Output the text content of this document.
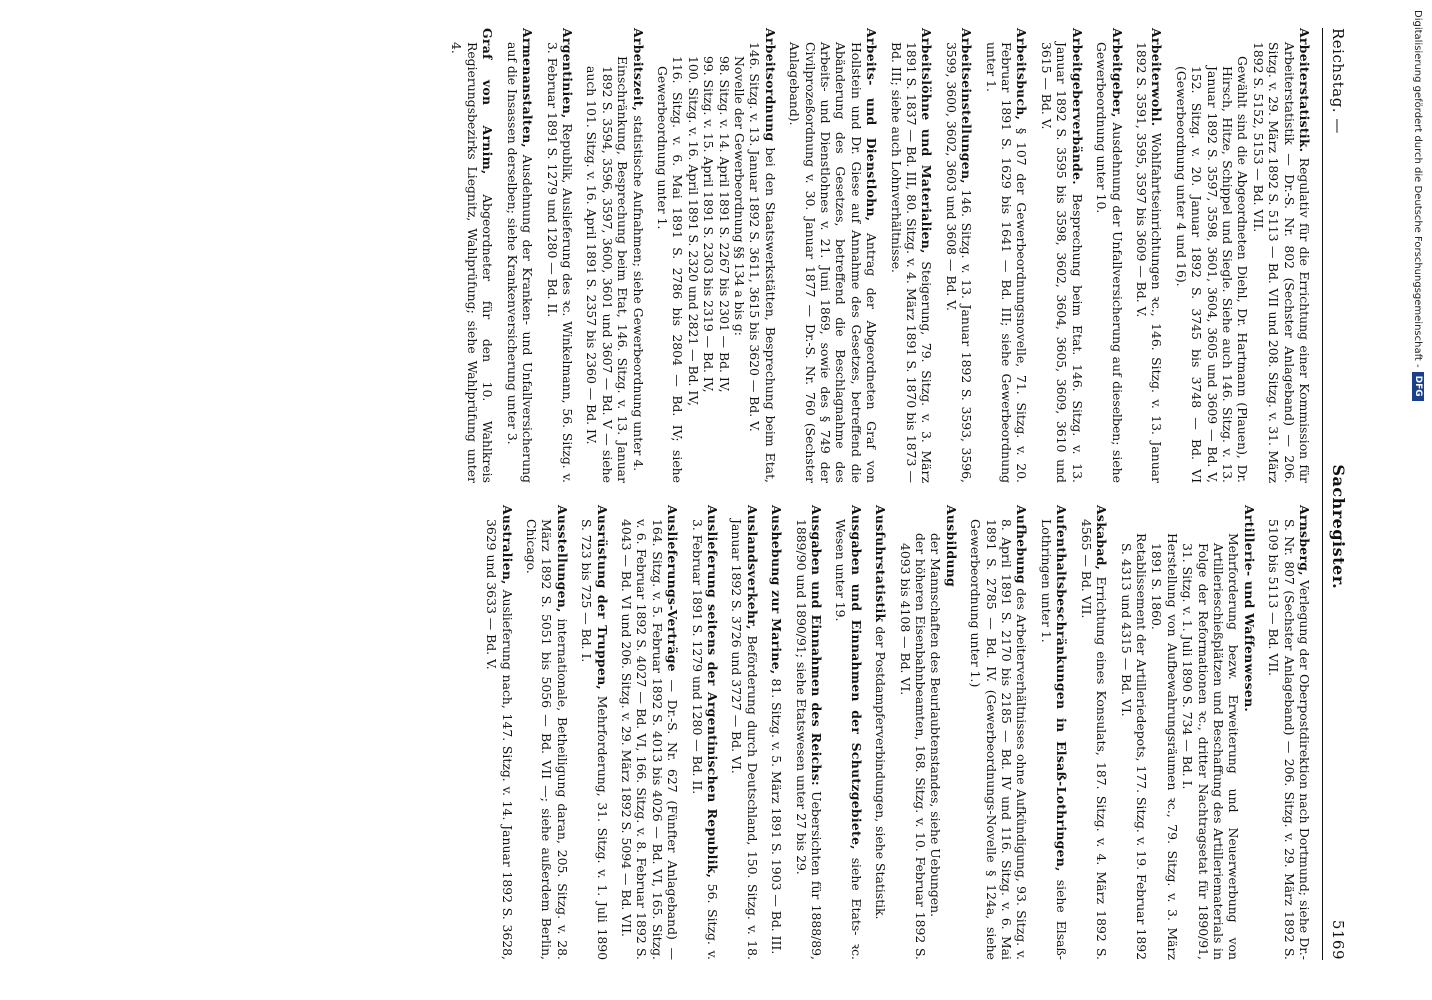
Reichstag. —
Sachregister.
5169
Arbeiterstatistik. Regulativ für die Errichtung einer Kommission für Arbeiterstatistik — Dr.-S. Nr. 802 (Sechster Anlageband) — 206. Sitzg. v. 29. März 1892 S. 5113 — Bd. VII und 208. Sitzg. v. 31. März 1892 S. 5152, 5153 — Bd. VII.
Gewählt sind die Abgeordneten Diehl, Dr. Hartmann (Plauen), Dr. Hirsch, Hitze, Schippel und Siegle. Siehe auch 146. Sitzg. v. 13. Januar 1892 S. 3597, 3598, 3601, 3604, 3605 und 3609 — Bd. V, 152. Sitzg. v. 20. Januar 1892 S. 3745 bis 3748 — Bd. VI (Gewerbeordnung unter 4 und 16).
Arbeiterwohl. Wohlfahrtseinrichtungen ꝛc., 146. Sitzg. v. 13. Januar 1892 S. 3591, 3595, 3597 bis 3609 — Bd. V.
Arbeitgeber, Ausdehnung der Unfallversicherung auf dieselben; siehe Gewerbeordnung unter 10.
Arbeitgeberverbände. Besprechung beim Etat. 146. Sitzg. v. 13. Januar 1892 S. 3595 bis 3598, 3602, 3604, 3605, 3609, 3610 und 3615 — Bd. V.
Arbeitsbuch, § 107 der Gewerbeordnungsnovelle, 71. Sitzg. v. 20. Februar 1891 S. 1629 bis 1641 — Bd. III; siehe Gewerbeordnung unter 1.
Arbeitseinstellungen, 146. Sitzg. v. 13. Januar 1892 S. 3593, 3596, 3599, 3600, 3602, 3603 und 3608 — Bd. V.
Arbeitslöhne und Materialien, Steigerung, 79. Sitzg. v. 3. März 1891 S. 1837 — Bd. III, 80. Sitzg. v. 4. März 1891 S. 1870 bis 1873 — Bd. III; siehe auch Lohnverhältnisse.
Arbeits- und Dienstlohn, Antrag der Abgeordneten Graf von Hollstein und Dr. Giese auf Annahme des Gesetzes, betreffend die Abänderung des Gesetzes, betreffend die Beschlagnahme des Arbeits- und Dienstlohnes v. 21. Juni 1869, sowie des § 749 der Civilprozeßordnung v. 30. Januar 1877 — Dr.-S. Nr. 760 (Sechster Anlageband).
Arbeitsordnung bei den Staatswerkstätten, Besprechung beim Etat, 146. Sitzg. v. 13. Januar 1892 S. 3611, 3615 bis 3620 — Bd. V.
Novelle der Gewerbeordnung §§ 134 a bis g:
98. Sitzg. v. 14. April 1891 S. 2267 bis 2301 — Bd. IV,
99. Sitzg. v. 15. April 1891 S. 2303 bis 2319 — Bd. IV,
100. Sitzg. v. 16. April 1891 S. 2320 und 2821 — Bd. IV,
116. Sitzg. v. 6. Mai 1891 S. 2786 bis 2804 — Bd. IV; siehe Gewerbeordnung unter 1.
Arbeitszeit, statistische Aufnahmen; siehe Gewerbeordnung unter 4.
Einschränkung, Besprechung beim Etat, 146. Sitzg. v. 13. Januar 1892 S. 3594, 3596, 3597, 3600, 3601 und 3607 — Bd. V — siehe auch 101. Sitzg. v. 16. April 1891 S. 2357 bis 2360 — Bd. IV.
Argentinien, Republik, Auslieferung des ꝛc. Winkelmann, 56. Sitzg. v. 3. Februar 1891 S. 1279 und 1280 — Bd. II.
Armenanstalten, Ausdehnung der Kranken- und Unfallversicherung auf die Insassen derselben; siehe Krankenversicherung unter 3.
Graf von Arnim, Abgeordneter für den 10. Wahlkreis Regierungsbezirks Liegnitz, Wahlprüfung; siehe Wahlprüfung unter 4.
Arnsberg, Verlegung der Oberpostdirektion nach Dortmund; siehe Dr.-S. Nr. 807 (Sechster Anlageband) — 206. Sitzg. v. 29. März 1892 S. 5109 bis 5113 — Bd. VII.
Artillerie- und Waffenwesen.
Mehrforderung bezw. Erweiterung und Neuerwerbung von Artillerieschießplätzen und Beschaffung des Artilleriematerials in Folge der Reformationen ꝛc., dritter Nachtragsetat für 1890/91, 31. Sitzg. v. 1. Juli 1890 S. 734 — Bd. I.
Herstellung von Aufbewahrungsräumen ꝛc., 79. Sitzg. v. 3. März 1891 S. 1860.
Retablissement der Artilleriedepots, 177. Sitzg. v. 19. Februar 1892 S. 4313 und 4315 — Bd. VI.
Askabad, Errichtung eines Konsulats, 187. Sitzg. v. 4. März 1892 S. 4565 — Bd. VII.
Aufenthaltsbeschränkungen in Elsaß-Lothringen, siehe Elsaß-Lothringen unter 1.
Aufhebung des Arbeiterverhältnisses ohne Aufkündigung, 93. Sitzg. v. 8. April 1891 S. 2170 bis 2185 — Bd. IV und 116. Sitzg. v. 6. Mai 1891 S. 2785 — Bd. IV. (Gewerbeordnungs-Novelle § 124a, siehe Gewerbeordnung unter 1.)
Ausbildung
der Mannschaften des Beurlaubtenstandes, siehe Uebungen.
der höheren Eisenbahnbeamten, 168. Sitzg. v. 10. Februar 1892 S. 4093 bis 4108 — Bd. VI.
Ausfuhrstatistik der Postdampferverbindungen, siehe Statistik.
Ausgaben und Einnahmen der Schutzgebiete, siehe Etats- ꝛc. Wesen unter 19.
Ausgaben und Einnahmen des Reichs: Uebersichten für 1888/89, 1889/90 und 1890/91; siehe Etatswesen unter 27 bis 29.
Aushebung zur Marine, 81. Sitzg. v. 5. März 1891 S. 1903 — Bd. III.
Auslandsverkehr, Beförderung durch Deutschland, 150. Sitzg. v. 18. Januar 1892 S. 3726 und 3727 — Bd. VI.
Auslieferung seitens der Argentinischen Republik, 56. Sitzg. v. 3. Februar 1891 S. 1279 und 1280 — Bd. II.
Auslieferungs-Verträge — Dr.-S. Nr. 627 (Fünfter Anlageband) — 164. Sitzg. v. 5. Februar 1892 S. 4013 bis 4026 — Bd. VI, 165. Sitzg. v. 6. Februar 1892 S. 4027 — Bd. VI, 166. Sitzg. v. 8. Februar 1892 S. 4043 — Bd. VI und 206. Sitzg. v. 29. März 1892 S. 5094 — Bd. VII.
Ausrüstung der Truppen, Mehrforderung, 31. Sitzg. v. 1. Juli 1890 S. 723 bis 725 — Bd. I.
Ausstellungen, internationale, Betheiligung daran, 205. Sitzg. v. 28. März 1892 S. 5051 bis 5056 — Bd. VII —; siehe außerdem Berlin, Chicago.
Australien, Auslieferung nach, 147. Sitzg. v. 14. Januar 1892 S. 3628, 3629 und 3633 — Bd. V.
Digitalisierung gefördert durch die Deutsche Forschungsgemeinschaft -
DFG
